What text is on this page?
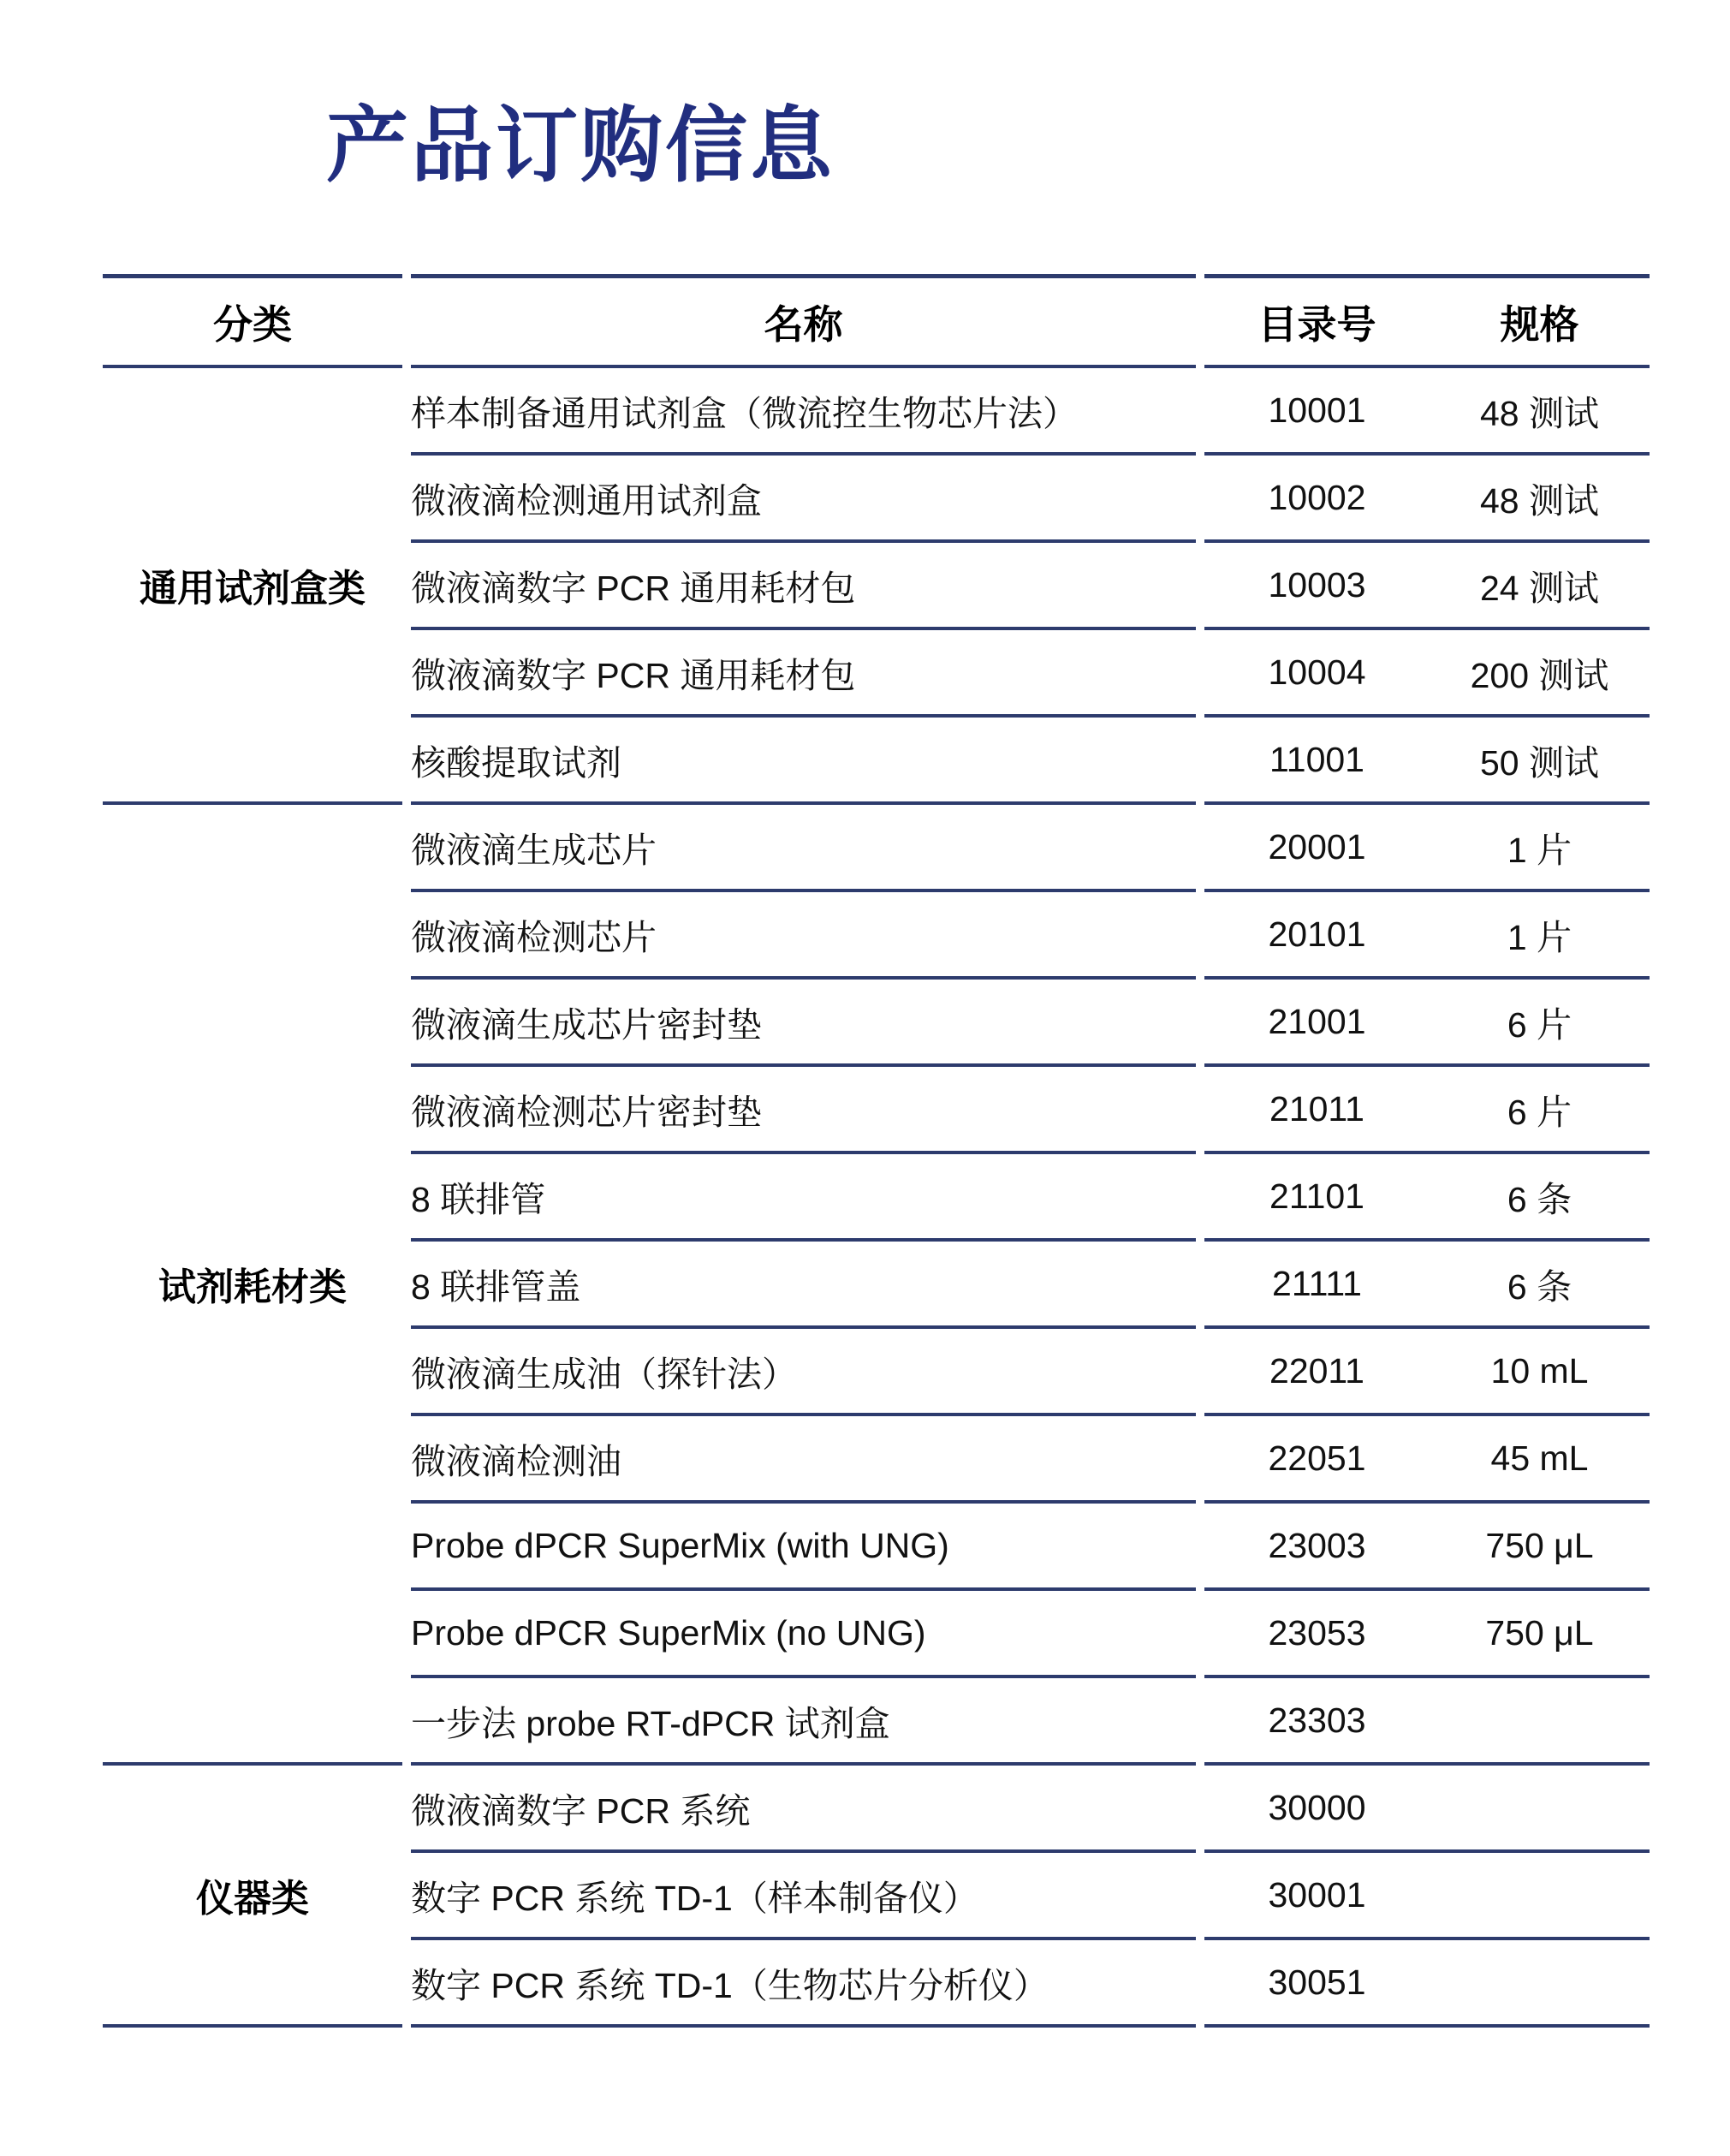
产品订购信息
分类		名称		目录号	规格
通用试剂盒类		样本制备通用试剂盒（微流控生物芯片法）		10001	48 测试
		微液滴检测通用试剂盒		10002	48 测试
		微液滴数字 PCR 通用耗材包		10003	24 测试
		微液滴数字 PCR 通用耗材包		10004	200 测试
		核酸提取试剂		11001	50 测试
试剂耗材类		微液滴生成芯片		20001	1 片
		微液滴检测芯片		20101	1 片
		微液滴生成芯片密封垫		21001	6 片
		微液滴检测芯片密封垫		21011	6 片
		8 联排管		21101	6 条
		8 联排管盖		21111	6 条
		微液滴生成油（探针法）		22011	10 mL
		微液滴检测油		22051	45 mL
		Probe dPCR SuperMix (with UNG)		23003	750 μL
		Probe dPCR SuperMix (no UNG)		23053	750 μL
		一步法 probe RT-dPCR 试剂盒		23303	
仪器类		微液滴数字 PCR 系统		30000	
		数字 PCR 系统 TD-1（样本制备仪）		30001	
		数字 PCR 系统 TD-1（生物芯片分析仪）		30051	
